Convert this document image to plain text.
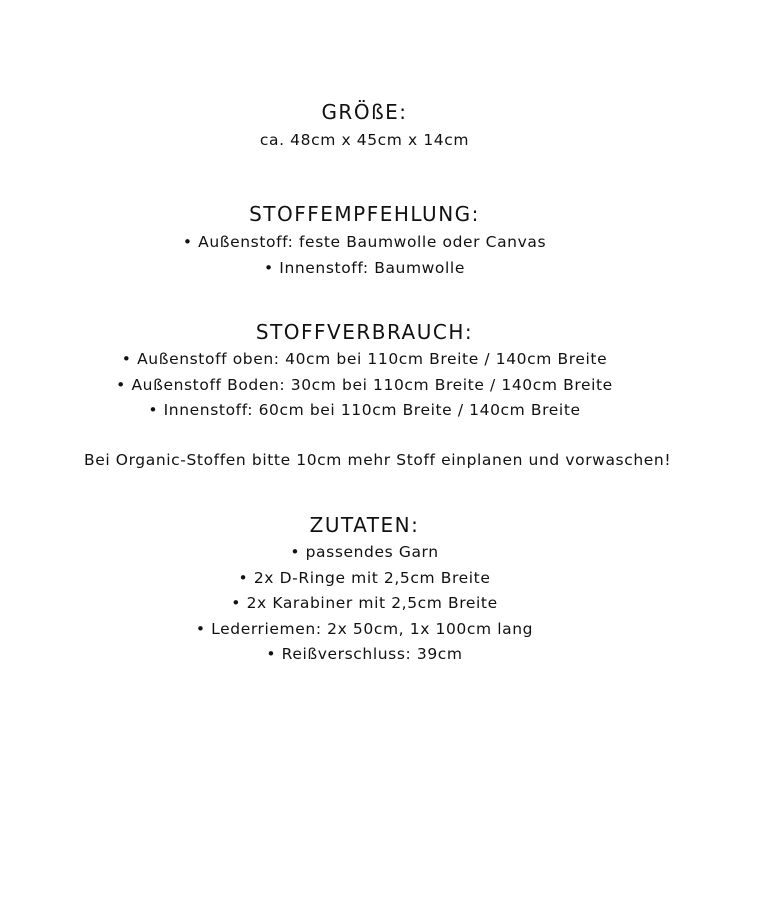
GRÖßE:
ca. 48cm x 45cm x 14cm
STOFFEMPFEHLUNG:
• Außenstoff: feste Baumwolle oder Canvas
• Innenstoff: Baumwolle
STOFFVERBRAUCH:
• Außenstoff oben: 40cm bei 110cm Breite / 140cm Breite
• Außenstoff Boden: 30cm bei 110cm Breite / 140cm Breite
• Innenstoff: 60cm bei 110cm Breite / 140cm Breite
Bei Organic-Stoffen bitte 10cm mehr Stoff einplanen und vorwaschen!
ZUTATEN:
• passendes Garn
• 2x D-Ringe mit 2,5cm Breite
• 2x Karabiner mit 2,5cm Breite
• Lederriemen: 2x 50cm, 1x 100cm lang
• Reißverschluss: 39cm
